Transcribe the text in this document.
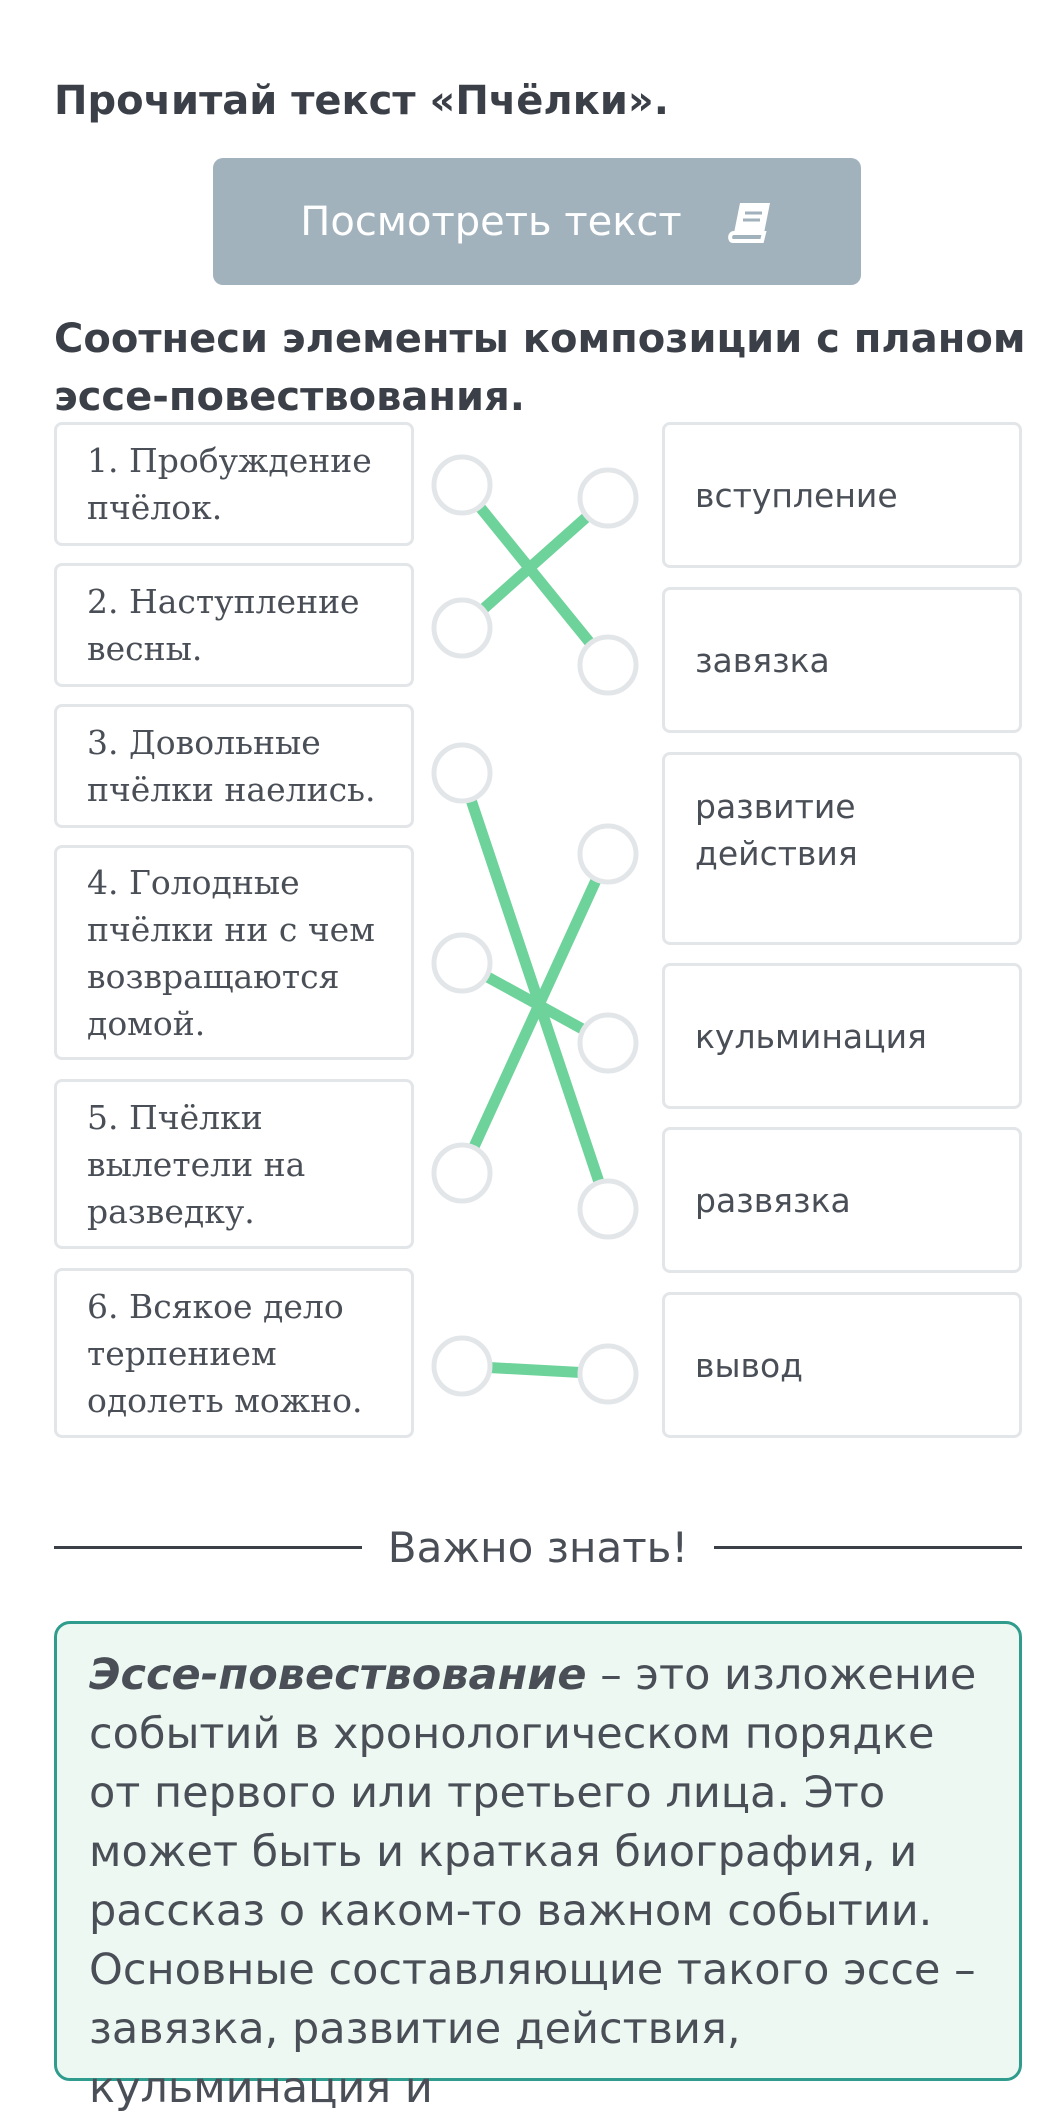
Прочитай текст «Пчёлки».
Посмотреть текст
Соотнеси элементы композиции с планом эссе-повествования.
1. Пробуждение пчёлок.
2. Наступление весны.
3. Довольные пчёлки наелись.
4. Голодные пчёлки ни с чем возвращаются домой.
5. Пчёлки вылетели на разведку.
6. Всякое дело терпением одолеть можно.
вступление
завязка
развитие действия
кульминация
развязка
вывод
Важно знать!
Эссе-повествование – это изложение событий в хронологическом порядке от первого или третьего лица. Это может быть и краткая биография, и рассказ о каком-то важном событии. Основные составляющие такого эссе – завязка, развитие действия, кульминация и
